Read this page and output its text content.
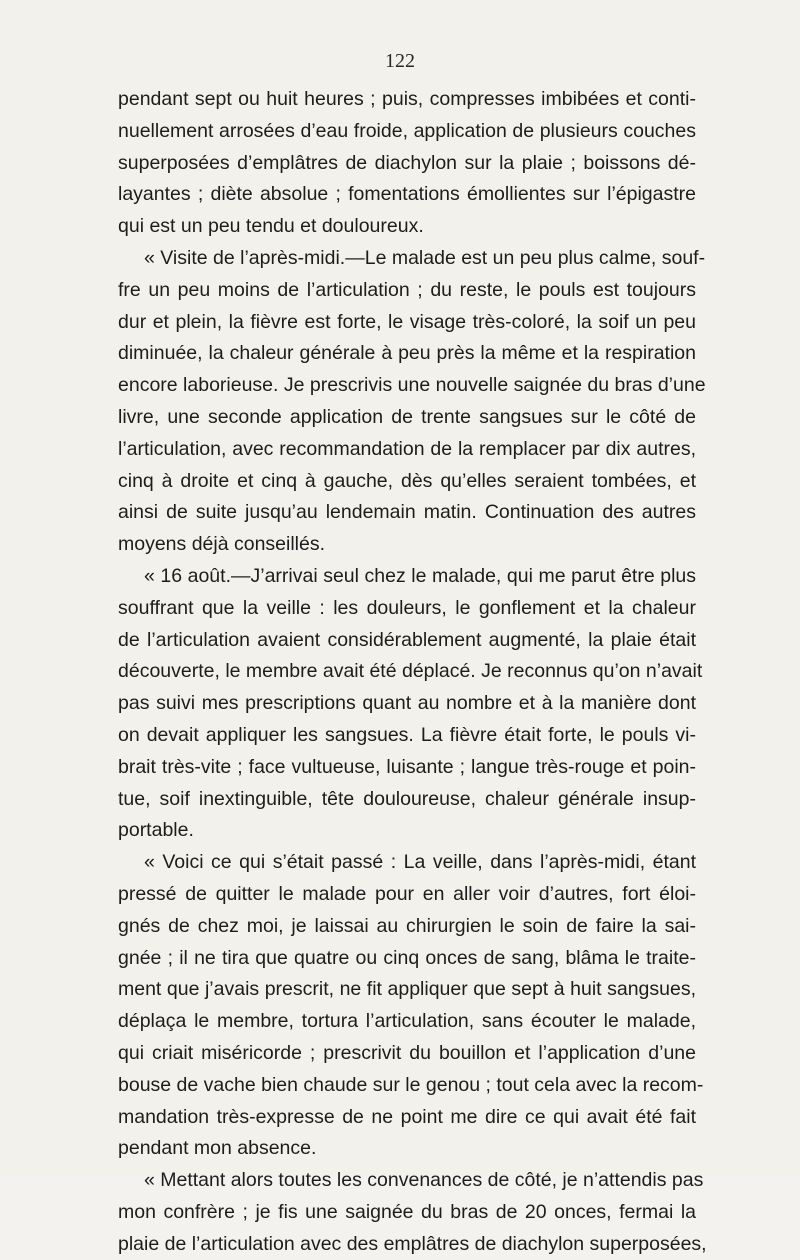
122
pendant sept ou huit heures ; puis, compresses imbibées et conti-
nuellement arrosées d’eau froide, application de plusieurs couches
superposées d’emplâtres de diachylon sur la plaie ; boissons dé-
layantes ; diète absolue ; fomentations émollientes sur l’épigastre
qui est un peu tendu et douloureux.
« Visite de l’après-midi.—Le malade est un peu plus calme, souf-
fre un peu moins de l’articulation ; du reste, le pouls est toujours
dur et plein, la fièvre est forte, le visage très-coloré, la soif un peu
diminuée, la chaleur générale à peu près la même et la respiration
encore laborieuse. Je prescrivis une nouvelle saignée du bras d’une
livre, une seconde application de trente sangsues sur le côté de
l’articulation, avec recommandation de la remplacer par dix autres,
cinq à droite et cinq à gauche, dès qu’elles seraient tombées, et
ainsi de suite jusqu’au lendemain matin. Continuation des autres
moyens déjà conseillés.
« 16 août.—J’arrivai seul chez le malade, qui me parut être plus
souffrant que la veille : les douleurs, le gonflement et la chaleur
de l’articulation avaient considérablement augmenté, la plaie était
découverte, le membre avait été déplacé. Je reconnus qu’on n’avait
pas suivi mes prescriptions quant au nombre et à la manière dont
on devait appliquer les sangsues. La fièvre était forte, le pouls vi-
brait très-vite ; face vultueuse, luisante ; langue très-rouge et poin-
tue, soif inextinguible, tête douloureuse, chaleur générale insup-
portable.
« Voici ce qui s’était passé : La veille, dans l’après-midi, étant
pressé de quitter le malade pour en aller voir d’autres, fort éloi-
gnés de chez moi, je laissai au chirurgien le soin de faire la sai-
gnée ; il ne tira que quatre ou cinq onces de sang, blâma le traite-
ment que j’avais prescrit, ne fit appliquer que sept à huit sangsues,
déplaça le membre, tortura l’articulation, sans écouter le malade,
qui criait miséricorde ; prescrivit du bouillon et l’application d’une
bouse de vache bien chaude sur le genou ; tout cela avec la recom-
mandation très-expresse de ne point me dire ce qui avait été fait
pendant mon absence.
« Mettant alors toutes les convenances de côté, je n’attendis pas
mon confrère ; je fis une saignée du bras de 20 onces, fermai la
plaie de l’articulation avec des emplâtres de diachylon superposées,
